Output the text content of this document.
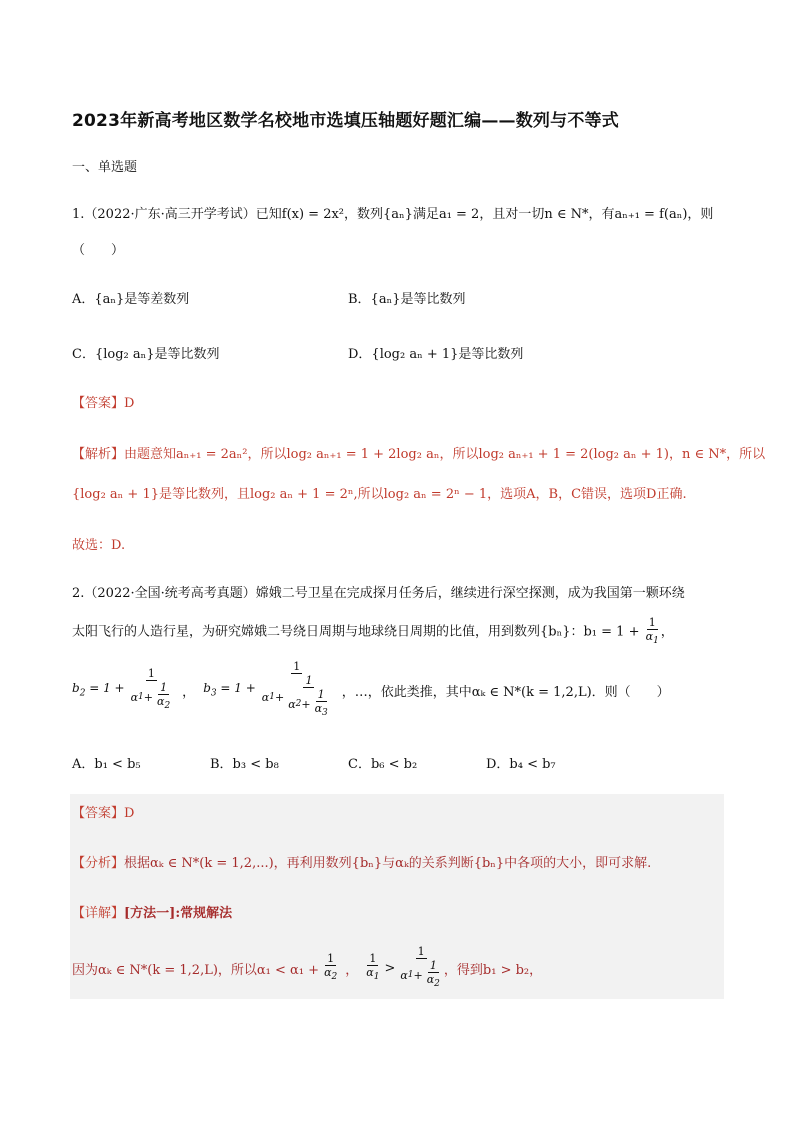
2023年新高考地区数学名校地市选填压轴题好题汇编——数列与不等式
一、单选题
1.（2022·广东·高三开学考试）已知f(x) = 2x²，数列{aₙ}满足a₁ = 2，且对一切n ∈ N*，有aₙ₊₁ = f(aₙ)，则
（　　）
A．{aₙ}是等差数列	B．{aₙ}是等比数列
C．{log₂ aₙ}是等比数列	D．{log₂ aₙ + 1}是等比数列
【答案】D
【解析】由题意知aₙ₊₁ = 2aₙ²，所以log₂ aₙ₊₁ = 1 + 2log₂ aₙ，所以log₂ aₙ₊₁ + 1 = 2(log₂ aₙ + 1)，n ∈ N*，所以
{log₂ aₙ + 1}是等比数列，且log₂ aₙ + 1 = 2ⁿ,所以log₂ aₙ = 2ⁿ − 1，选项A，B，C错误，选项D正确.
故选：D.
2.（2022·全国·统考高考真题）嫦娥二号卫星在完成探月任务后，继续进行深空探测，成为我国第一颗环绕
太阳飞行的人造行星，为研究嫦娥二号绕日周期与地球绕日周期的比值，用到数列{bₙ}：$b_1 = 1 + \frac{1}{\alpha_1}$ ，
$b_2 = 1 + \frac{1}{\alpha 1 + \frac{1}{\alpha_2}}$ ， $b_3 = 1 + \frac{1}{\alpha 1 + \frac{1}{\alpha 2 + \frac{1}{\alpha_3}}}$ ，…，依此类推，其中αₖ ∈ N*(k = 1,2,L)．则（　　）
A．b₁ < b₅	B．b₃ < b₈	C．b₆ < b₂	D．b₄ < b₇
【答案】D
【分析】根据αₖ ∈ N*(k = 1,2,...)，再利用数列{bₙ}与αₖ的关系判断{bₙ}中各项的大小，即可求解.
【详解】[方法一]:常规解法
因为αₖ ∈ N*(k = 1,2,L)，所以$\alpha_1 < \alpha_1 + \frac{1}{\alpha_2}$ ， $\frac{1}{\alpha_1} > \frac{1}{\alpha 1 + \frac{1}{\alpha_2}}$ ，得到b₁ > b₂，
